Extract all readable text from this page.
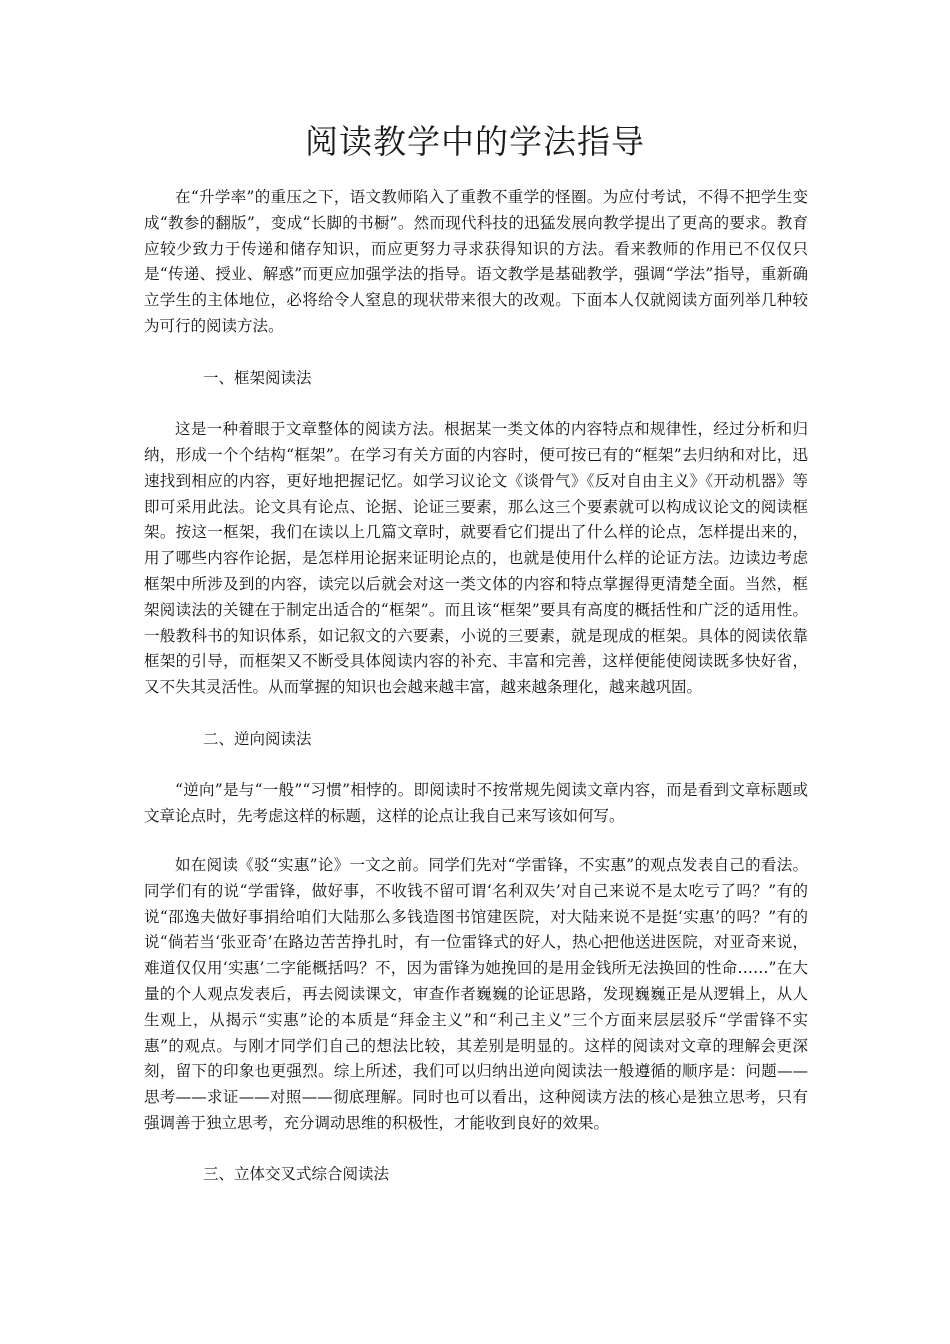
阅读教学中的学法指导

在“升学率”的重压之下，语文教师陷入了重教不重学的怪圈。为应付考试，不得不把学生变成“教参的翻版”，变成“长脚的书橱”。然而现代科技的迅猛发展向教学提出了更高的要求。教育应较少致力于传递和储存知识，而应更努力寻求获得知识的方法。看来教师的作用已不仅仅只是“传递、授业、解惑”而更应加强学法的指导。语文教学是基础教学，强调“学法”指导，重新确立学生的主体地位，必将给令人窒息的现状带来很大的改观。下面本人仅就阅读方面列举几种较为可行的阅读方法。

一、框架阅读法

这是一种着眼于文章整体的阅读方法。根据某一类文体的内容特点和规律性，经过分析和归纳，形成一个个结构“框架”。在学习有关方面的内容时，便可按已有的“框架”去归纳和对比，迅速找到相应的内容，更好地把握记忆。如学习议论文《谈骨气》《反对自由主义》《开动机器》等即可采用此法。论文具有论点、论据、论证三要素，那么这三个要素就可以构成议论文的阅读框架。按这一框架，我们在读以上几篇文章时，就要看它们提出了什么样的论点，怎样提出来的，用了哪些内容作论据，是怎样用论据来证明论点的，也就是使用什么样的论证方法。边读边考虑框架中所涉及到的内容，读完以后就会对这一类文体的内容和特点掌握得更清楚全面。当然，框架阅读法的关键在于制定出适合的“框架”。而且该“框架”要具有高度的概括性和广泛的适用性。一般教科书的知识体系，如记叙文的六要素，小说的三要素，就是现成的框架。具体的阅读依靠框架的引导，而框架又不断受具体阅读内容的补充、丰富和完善，这样便能使阅读既多快好省，又不失其灵活性。从而掌握的知识也会越来越丰富，越来越条理化，越来越巩固。

二、逆向阅读法

“逆向”是与“一般”“习惯”相悖的。即阅读时不按常规先阅读文章内容，而是看到文章标题或文章论点时，先考虑这样的标题，这样的论点让我自己来写该如何写。

如在阅读《驳“实惠”论》一文之前。同学们先对“学雷锋，不实惠”的观点发表自己的看法。同学们有的说“学雷锋，做好事，不收钱不留可谓‘名利双失’对自己来说不是太吃亏了吗？”有的说“邵逸夫做好事捐给咱们大陆那么多钱造图书馆建医院，对大陆来说不是挺‘实惠’的吗？”有的说“倘若当‘张亚奇’在路边苦苦挣扎时，有一位雷锋式的好人，热心把他送进医院，对亚奇来说，难道仅仅用‘实惠’二字能概括吗？不，因为雷锋为她挽回的是用金钱所无法换回的性命……”在大量的个人观点发表后，再去阅读课文，审查作者巍巍的论证思路，发现巍巍正是从逻辑上，从人生观上，从揭示“实惠”论的本质是“拜金主义”和“利己主义”三个方面来层层驳斥“学雷锋不实惠”的观点。与刚才同学们自己的想法比较，其差别是明显的。这样的阅读对文章的理解会更深刻，留下的印象也更强烈。综上所述，我们可以归纳出逆向阅读法一般遵循的顺序是：问题——思考——求证——对照——彻底理解。同时也可以看出，这种阅读方法的核心是独立思考，只有强调善于独立思考，充分调动思维的积极性，才能收到良好的效果。

三、立体交叉式综合阅读法
